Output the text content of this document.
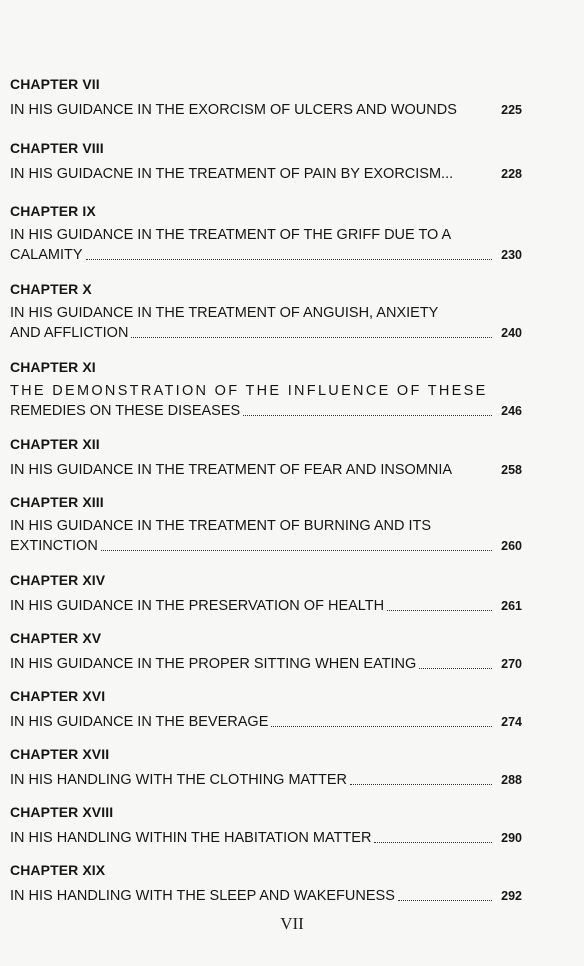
CHAPTER VII
IN HIS GUIDANCE IN THE EXORCISM OF ULCERS AND WOUNDS	225
CHAPTER VIII
IN HIS GUIDACNE IN THE TREATMENT OF PAIN BY EXORCISM...	228
CHAPTER IX
IN HIS GUIDANCE IN THE TREATMENT OF THE GRIFF DUE TO A
CALAMITY	230
CHAPTER X
IN HIS GUIDANCE IN THE TREATMENT OF ANGUISH, ANXIETY
AND AFFLICTION	240
CHAPTER XI
THE DEMONSTRATION OF THE INFLUENCE OF THESE
REMEDIES ON THESE DISEASES	246
CHAPTER XII
IN HIS GUIDANCE IN THE TREATMENT OF FEAR AND INSOMNIA	258
CHAPTER XIII
IN HIS GUIDANCE IN THE TREATMENT OF BURNING AND ITS
EXTINCTION	260
CHAPTER XIV
IN HIS GUIDANCE IN THE PRESERVATION OF HEALTH	261
CHAPTER XV
IN HIS GUIDANCE IN THE PROPER SITTING WHEN EATING	270
CHAPTER XVI
IN HIS GUIDANCE IN THE BEVERAGE	274
CHAPTER XVII
IN HIS HANDLING WITH THE CLOTHING MATTER	288
CHAPTER XVIII
IN HIS HANDLING WITHIN THE HABITATION MATTER	290
CHAPTER XIX
IN HIS HANDLING WITH THE SLEEP AND WAKEFUNESS	292
VII
